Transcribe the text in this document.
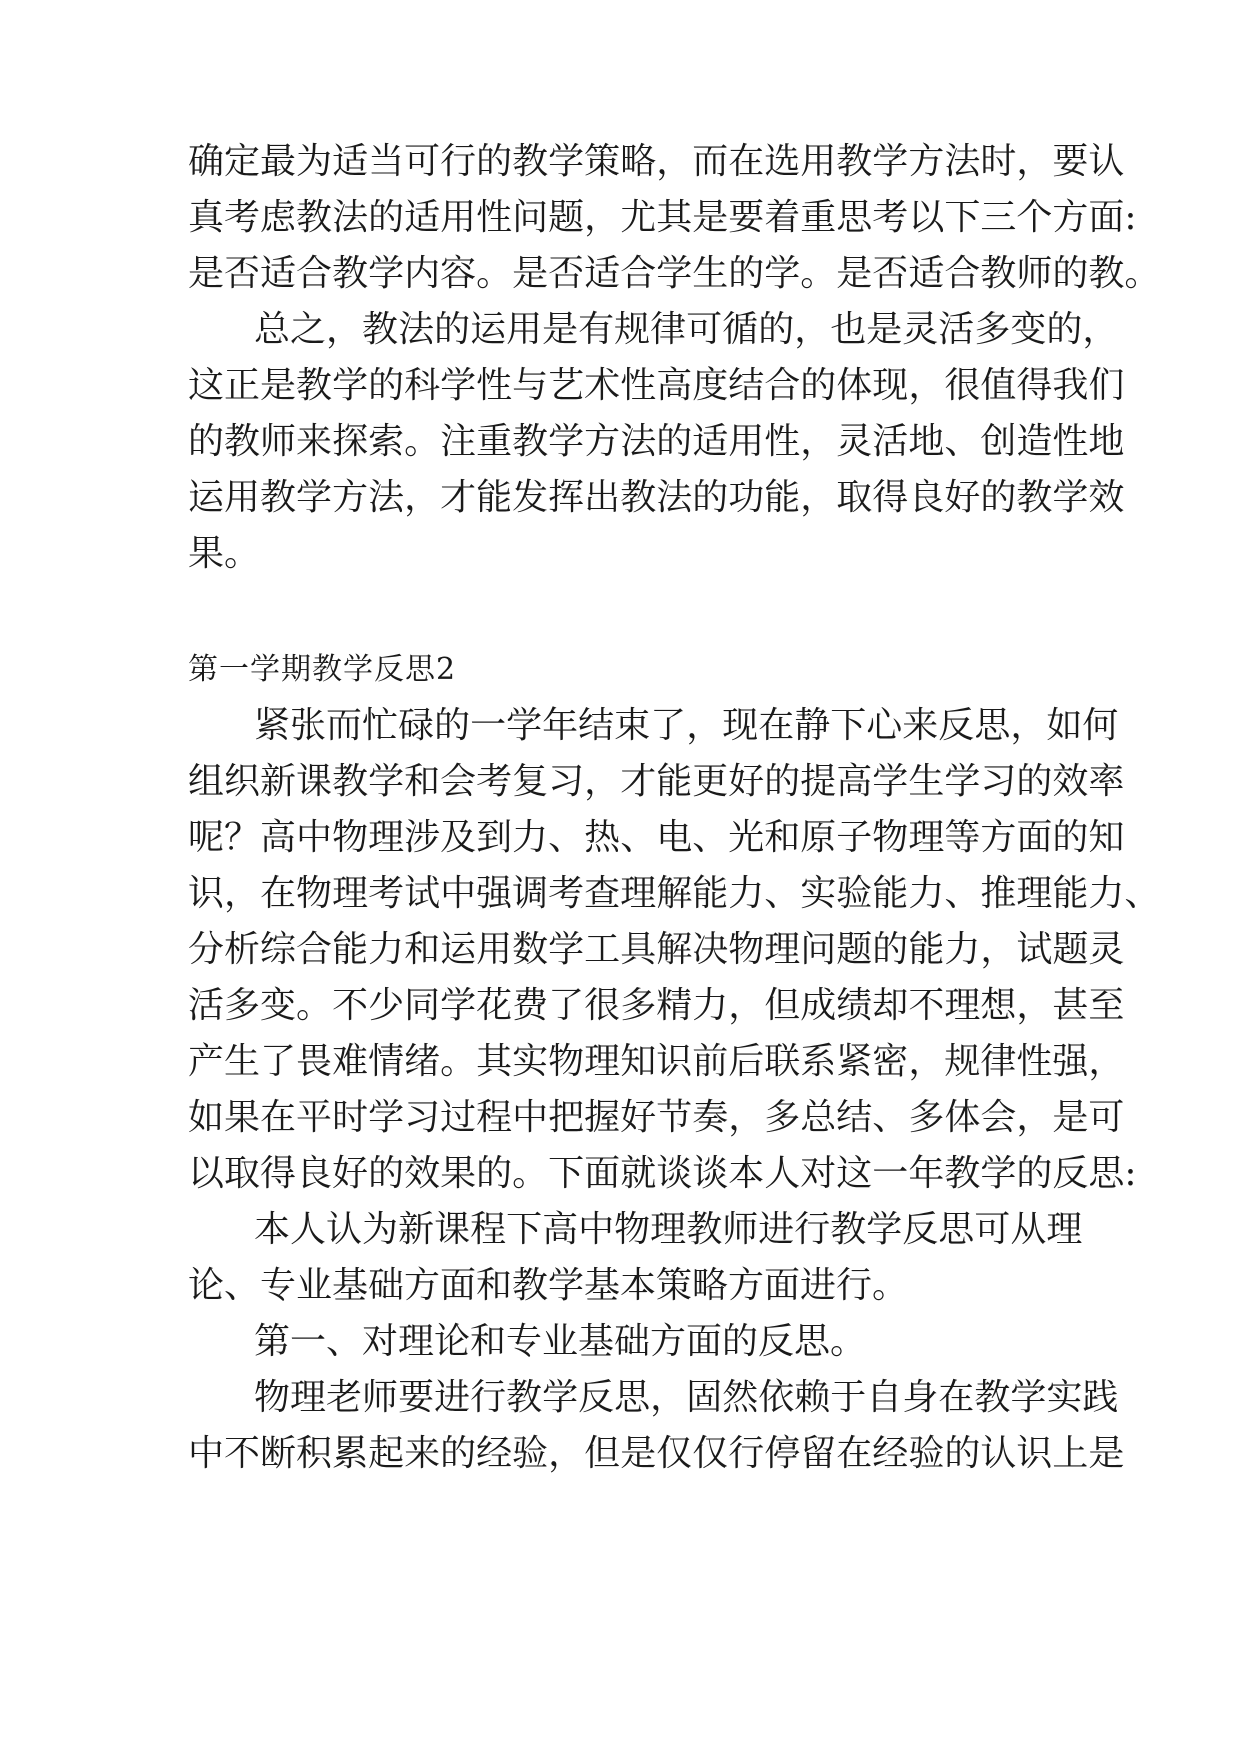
确 定 最 为 适 当 可 行 的 教 学 策 略 ， 而 在 选 用 教 学 方 法 时 ， 要 认
真 考 虑 教 法 的 适 用 性 问 题 ， 尤 其 是 要 着 重 思 考 以 下 三 个 方 面 :
是 否 适 合 教 学 内 容 。 是 否 适 合 学 生 的 学 。 是 否 适 合 教 师 的 教 。
总 之 ， 教 法 的 运 用 是 有 规 律 可 循 的 ， 也 是 灵 活 多 变 的 ，
这 正 是 教 学 的 科 学 性 与 艺 术 性 高 度 结 合 的 体 现 ， 很 值 得 我 们
的 教 师 来 探 索 。 注 重 教 学 方 法 的 适 用 性 ， 灵 活 地 、 创 造 性 地
运 用 教 学 方 法 ， 才 能 发 挥 出 教 法 的 功 能 ， 取 得 良 好 的 教 学 效
果。
第一学期教学反思2
紧 张 而 忙 碌 的 一 学 年 结 束 了 ， 现 在 静 下 心 来 反 思 ， 如 何
组 织 新 课 教 学 和 会 考 复 习 ， 才 能 更 好 的 提 高 学 生 学 习 的 效 率
呢 ？ 高 中 物 理 涉 及 到 力 、 热 、 电 、 光 和 原 子 物 理 等 方 面 的 知
识 ， 在 物 理 考 试 中 强 调 考 查 理 解 能 力 、 实 验 能 力 、 推 理 能 力 、
分 析 综 合 能 力 和 运 用 数 学 工 具 解 决 物 理 问 题 的 能 力 ， 试 题 灵
活 多 变 。 不 少 同 学 花 费 了 很 多 精 力 ， 但 成 绩 却 不 理 想 ， 甚 至
产 生 了 畏 难 情 绪 。 其 实 物 理 知 识 前 后 联 系 紧 密 ， 规 律 性 强 ，
如 果 在 平 时 学 习 过 程 中 把 握 好 节 奏 ， 多 总 结 、 多 体 会 ， 是 可
以 取 得 良 好 的 效 果 的 。 下 面 就 谈 谈 本 人 对 这 一 年 教 学 的 反 思 :
本 人 认 为 新 课 程 下 高 中 物 理 教 师 进 行 教 学 反 思 可 从 理
论、专业基础方面和教学基本策略方面进行。
第一、对理论和专业基础方面的反思。
物 理 老 师 要 进 行 教 学 反 思 ， 固 然 依 赖 于 自 身 在 教 学 实 践
中 不 断 积 累 起 来 的 经 验 ， 但 是 仅 仅 行 停 留 在 经 验 的 认 识 上 是
